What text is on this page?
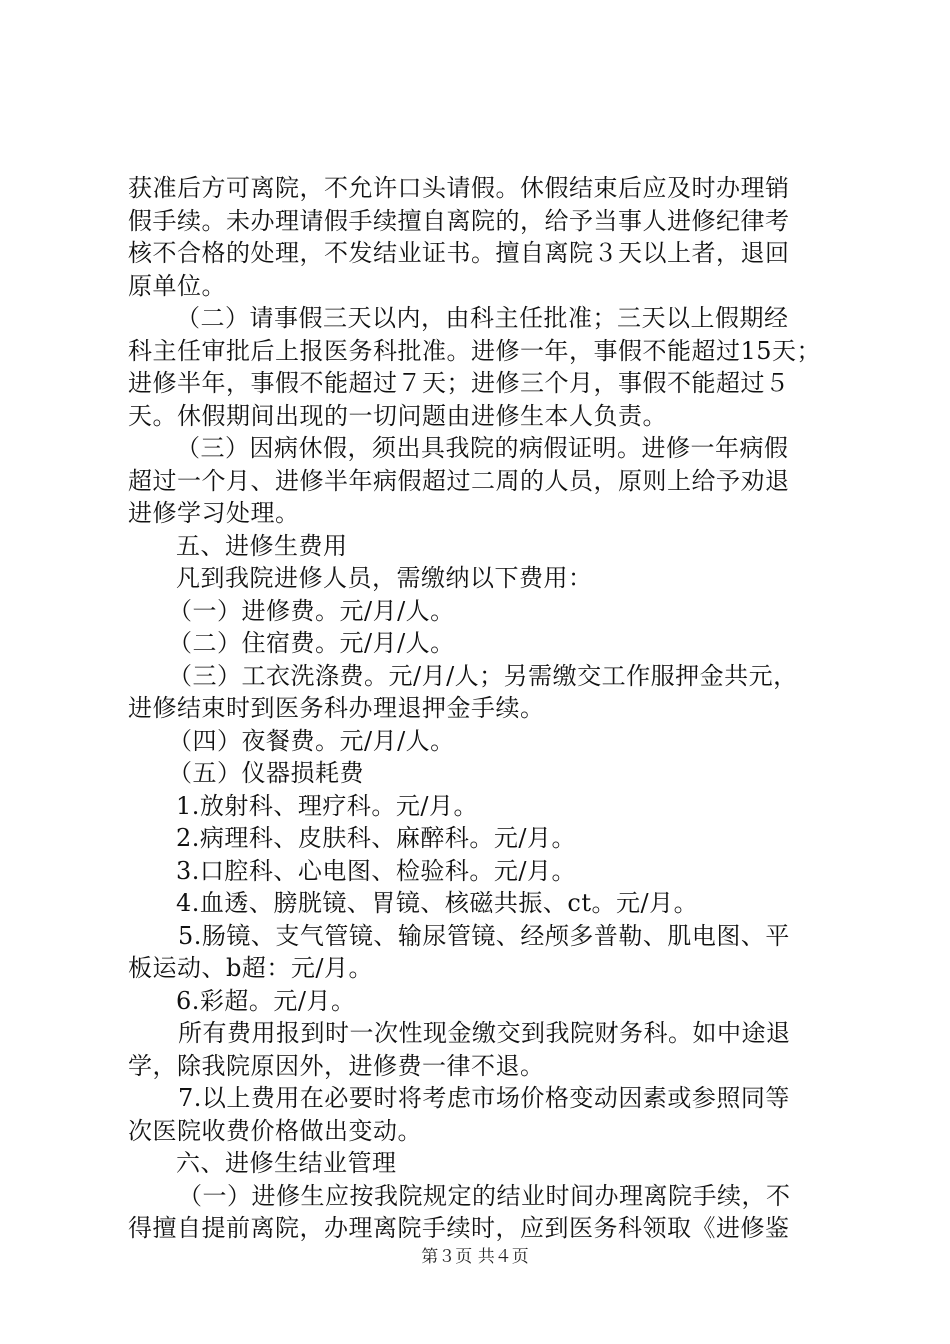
获准后方可离院，不允许口头请假。休假结束后应及时办理销
假手续。未办理请假手续擅自离院的，给予当事人进修纪律考
核不合格的处理，不发结业证书。擅自离院３天以上者，退回
原单位。
（二）请事假三天以内，由科主任批准；三天以上假期经
科主任审批后上报医务科批准。进修一年，事假不能超过15天；
进修半年，事假不能超过７天；进修三个月，事假不能超过５
天。休假期间出现的一切问题由进修生本人负责。
（三）因病休假，须出具我院的病假证明。进修一年病假
超过一个月、进修半年病假超过二周的人员，原则上给予劝退
进修学习处理。
五、进修生费用
凡到我院进修人员，需缴纳以下费用：
（一）进修费。元/月/人。
（二）住宿费。元/月/人。
（三）工衣洗涤费。元/月/人；另需缴交工作服押金共元，
进修结束时到医务科办理退押金手续。
（四）夜餐费。元/月/人。
（五）仪器损耗费
1.放射科、理疗科。元/月。
2.病理科、皮肤科、麻醉科。元/月。
3.口腔科、心电图、检验科。元/月。
4.血透、膀胱镜、胃镜、核磁共振、ct。元/月。
5.肠镜、支气管镜、输尿管镜、经颅多普勒、肌电图、平
板运动、b超：元/月。
6.彩超。元/月。
所有费用报到时一次性现金缴交到我院财务科。如中途退
学，除我院原因外，进修费一律不退。
7.以上费用在必要时将考虑市场价格变动因素或参照同等
次医院收费价格做出变动。
六、进修生结业管理
（一）进修生应按我院规定的结业时间办理离院手续，不
得擅自提前离院，办理离院手续时，应到医务科领取《进修鉴
第３页 共４页
